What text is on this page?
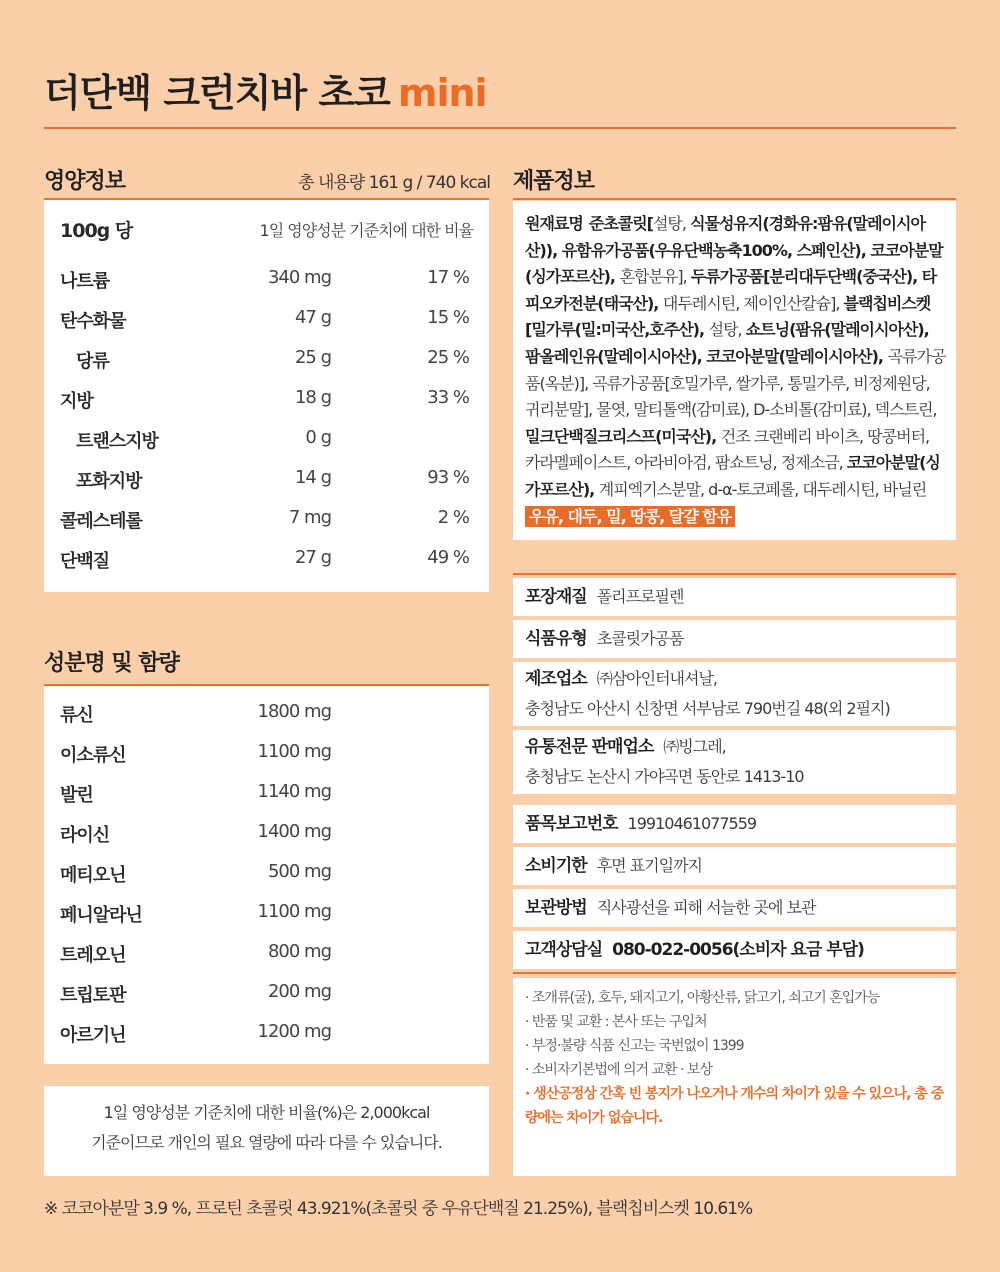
더단백 크런치바 초코 mini
영양정보	총 내용량 161 g / 740 kcal
100g 당	1일 영양성분 기준치에 대한 비율
나트륨	340 mg	17 %
탄수화물	47 g	15 %
당류	25 g	25 %
지방	18 g	33 %
트랜스지방	0 g
포화지방	14 g	93 %
콜레스테롤	7 mg	2 %
단백질	27 g	49 %
성분명 및 함량
류신	1800 mg
이소류신	1100 mg
발린	1140 mg
라이신	1400 mg
메티오닌	500 mg
페니알라닌	1100 mg
트레오닌	800 mg
트립토판	200 mg
아르기닌	1200 mg
1일 영양성분 기준치에 대한 비율(%)은 2,000kcal
기준이므로 개인의 필요 열량에 따라 다를 수 있습니다.
제품정보
원재료명 준초콜릿[설탕, 식물성유지(경화유:팜유(말레이시아산)), 유함유가공품(우유단백농축100%, 스페인산), 코코아분말(싱가포르산), 혼합분유], 두류가공품[분리대두단백(중국산), 타피오카전분(태국산), 대두레시틴, 제이인산칼슘], 블랙칩비스켓[밀가루(밀:미국산,호주산), 설탕, 쇼트닝(팜유(말레이시아산), 팜올레인유(말레이시아산), 코코아분말(말레이시아산), 곡류가공품(옥분)], 곡류가공품[호밀가루, 쌀가루, 통밀가루, 비정제원당, 귀리분말], 물엿, 말티톨액(감미료), D-소비톨(감미료), 덱스트린, 밀크단백질크리스프(미국산), 건조 크랜베리 바이츠, 땅콩버터, 카라멜페이스트, 아라비아검, 팜쇼트닝, 정제소금, 코코아분말(싱가포르산), 계피엑기스분말, d-α-토코페롤, 대두레시틴, 바닐린 우유, 대두, 밀, 땅콩, 달걀 함유
포장재질 폴리프로필렌
식품유형 초콜릿가공품
제조업소 ㈜삼아인터내셔날,
충청남도 아산시 신창면 서부남로 790번길 48(외 2필지)
유통전문 판매업소 ㈜빙그레,
충청남도 논산시 가야곡면 동안로 1413-10
품목보고번호 19910461077559
소비기한 후면 표기일까지
보관방법 직사광선을 피해 서늘한 곳에 보관
고객상담실 080-022-0056(소비자 요금 부담)
· 조개류(굴), 호두, 돼지고기, 아황산류, 닭고기, 쇠고기 혼입가능
· 반품 및 교환 : 본사 또는 구입처
· 부정·불량 식품 신고는 국번없이 1399
· 소비자기본법에 의거 교환 · 보상
· 생산공정상 간혹 빈 봉지가 나오거나 개수의 차이가 있을 수 있으나, 총 중량에는 차이가 없습니다.
※ 코코아분말 3.9 %, 프로틴 초콜릿 43.921%(초콜릿 중 우유단백질 21.25%), 블랙칩비스켓 10.61%
